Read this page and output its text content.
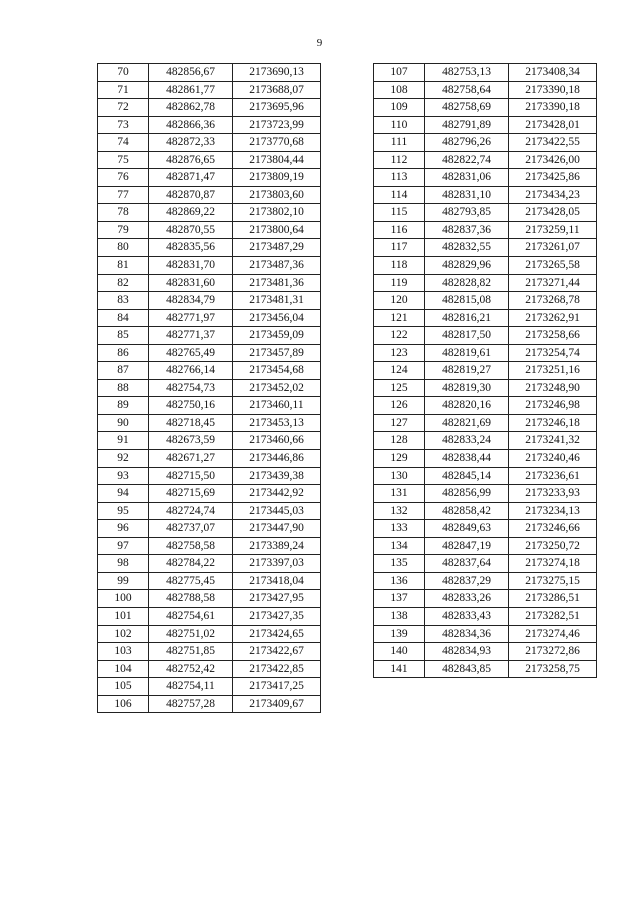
9
70	482856,67	2173690,13
71	482861,77	2173688,07
72	482862,78	2173695,96
73	482866,36	2173723,99
74	482872,33	2173770,68
75	482876,65	2173804,44
76	482871,47	2173809,19
77	482870,87	2173803,60
78	482869,22	2173802,10
79	482870,55	2173800,64
80	482835,56	2173487,29
81	482831,70	2173487,36
82	482831,60	2173481,36
83	482834,79	2173481,31
84	482771,97	2173456,04
85	482771,37	2173459,09
86	482765,49	2173457,89
87	482766,14	2173454,68
88	482754,73	2173452,02
89	482750,16	2173460,11
90	482718,45	2173453,13
91	482673,59	2173460,66
92	482671,27	2173446,86
93	482715,50	2173439,38
94	482715,69	2173442,92
95	482724,74	2173445,03
96	482737,07	2173447,90
97	482758,58	2173389,24
98	482784,22	2173397,03
99	482775,45	2173418,04
100	482788,58	2173427,95
101	482754,61	2173427,35
102	482751,02	2173424,65
103	482751,85	2173422,67
104	482752,42	2173422,85
105	482754,11	2173417,25
106	482757,28	2173409,67
107	482753,13	2173408,34
108	482758,64	2173390,18
109	482758,69	2173390,18
110	482791,89	2173428,01
111	482796,26	2173422,55
112	482822,74	2173426,00
113	482831,06	2173425,86
114	482831,10	2173434,23
115	482793,85	2173428,05
116	482837,36	2173259,11
117	482832,55	2173261,07
118	482829,96	2173265,58
119	482828,82	2173271,44
120	482815,08	2173268,78
121	482816,21	2173262,91
122	482817,50	2173258,66
123	482819,61	2173254,74
124	482819,27	2173251,16
125	482819,30	2173248,90
126	482820,16	2173246,98
127	482821,69	2173246,18
128	482833,24	2173241,32
129	482838,44	2173240,46
130	482845,14	2173236,61
131	482856,99	2173233,93
132	482858,42	2173234,13
133	482849,63	2173246,66
134	482847,19	2173250,72
135	482837,64	2173274,18
136	482837,29	2173275,15
137	482833,26	2173286,51
138	482833,43	2173282,51
139	482834,36	2173274,46
140	482834,93	2173272,86
141	482843,85	2173258,75
